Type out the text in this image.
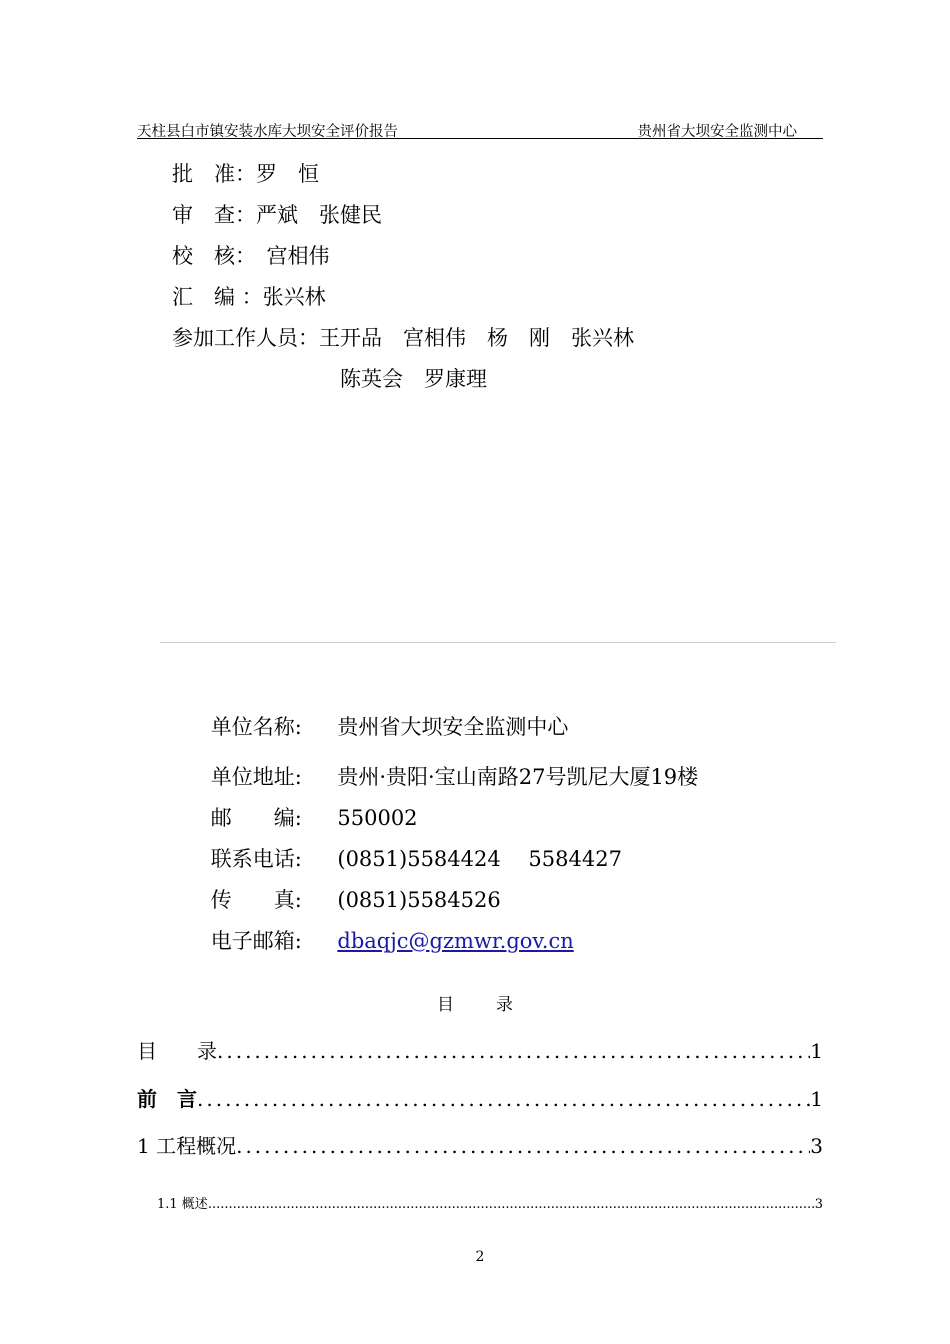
天柱县白市镇安装水库大坝安全评价报告	贵州省大坝安全监测中心
批　准：罗　恒
审　查：严斌　张健民
校　核：　宫相伟
汇　编 ：张兴林
参加工作人员：王开品　宫相伟　杨　刚　张兴林
陈英会　罗康理

单位名称: 贵州省大坝安全监测中心

单位地址: 贵州·贵阳·宝山南路27号凯尼大厦19楼

邮　　编: 550002

联系电话: (0851)5584424　 5584427

传　　真: (0851)5584526

电子邮箱: dbaqjc@gzmwr.gov.cn

目 录
目　　录 .....	1
前　言 .....	1
1 工程概况 .....	3
1.1 概述 .....	3
2
